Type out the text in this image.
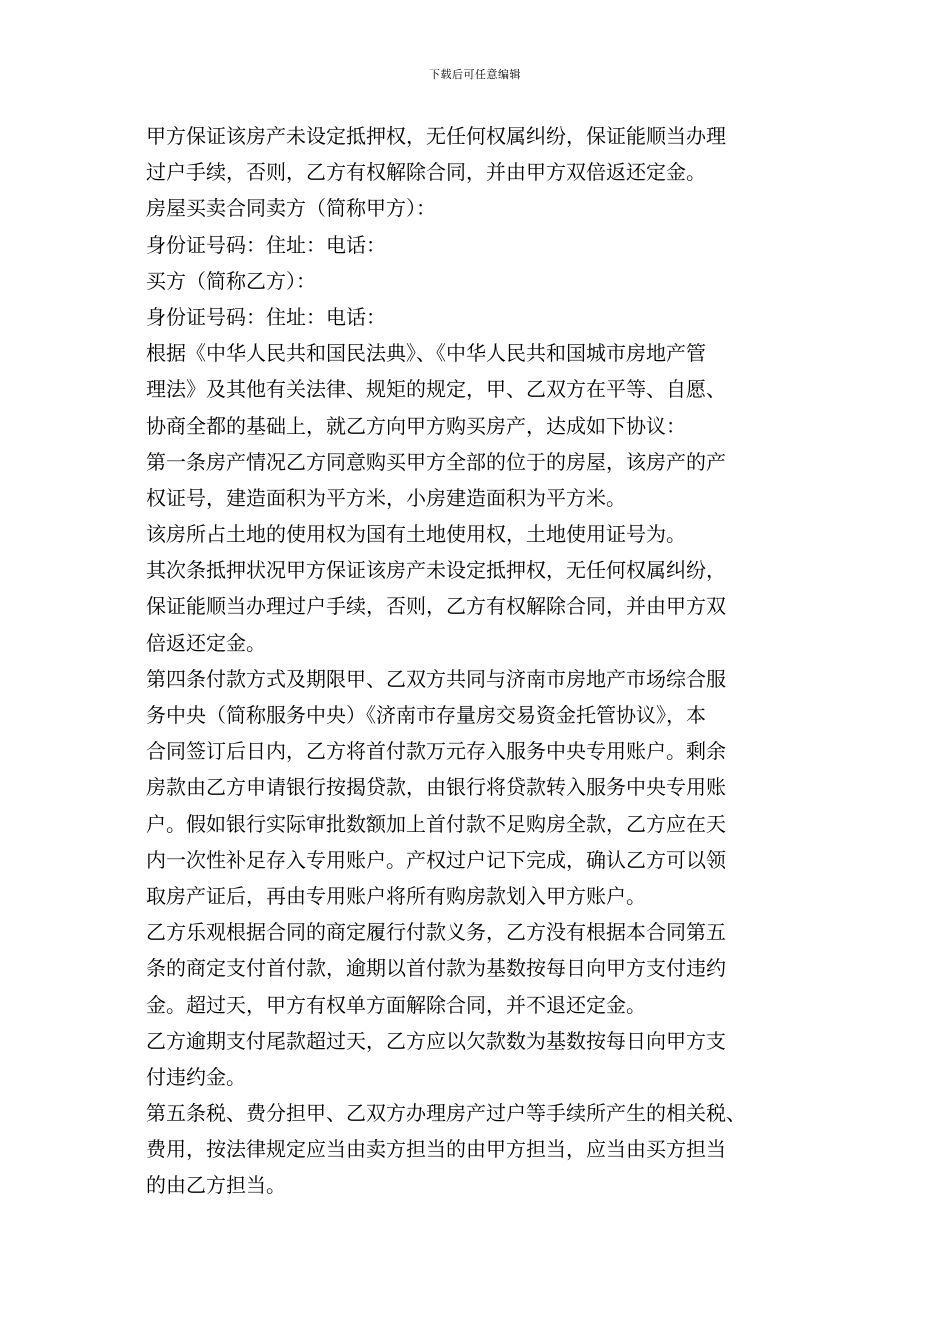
下载后可任意编辑
甲方保证该房产未设定抵押权，无任何权属纠纷，保证能顺当办理
过户手续，否则，乙方有权解除合同，并由甲方双倍返还定金。
房屋买卖合同卖方（简称甲方）：
身份证号码：住址：电话：
买方（简称乙方）：
身份证号码：住址：电话：
根据《中华人民共和国民法典》、《中华人民共和国城市房地产管
理法》及其他有关法律、规矩的规定，甲、乙双方在平等、自愿、
协商全都的基础上，就乙方向甲方购买房产，达成如下协议：
第一条房产情况乙方同意购买甲方全部的位于的房屋，该房产的产
权证号，建造面积为平方米，小房建造面积为平方米。
该房所占土地的使用权为国有土地使用权，土地使用证号为。
其次条抵押状况甲方保证该房产未设定抵押权，无任何权属纠纷，
保证能顺当办理过户手续，否则，乙方有权解除合同，并由甲方双
倍返还定金。
第四条付款方式及期限甲、乙双方共同与济南市房地产市场综合服
务中央（简称服务中央）《济南市存量房交易资金托管协议》，本
合同签订后日内，乙方将首付款万元存入服务中央专用账户。剩余
房款由乙方申请银行按揭贷款，由银行将贷款转入服务中央专用账
户。假如银行实际审批数额加上首付款不足购房全款，乙方应在天
内一次性补足存入专用账户。产权过户记下完成，确认乙方可以领
取房产证后，再由专用账户将所有购房款划入甲方账户。
乙方乐观根据合同的商定履行付款义务，乙方没有根据本合同第五
条的商定支付首付款，逾期以首付款为基数按每日向甲方支付违约
金。超过天，甲方有权单方面解除合同，并不退还定金。
乙方逾期支付尾款超过天，乙方应以欠款数为基数按每日向甲方支
付违约金。
第五条税、费分担甲、乙双方办理房产过户等手续所产生的相关税、
费用，按法律规定应当由卖方担当的由甲方担当，应当由买方担当
的由乙方担当。
